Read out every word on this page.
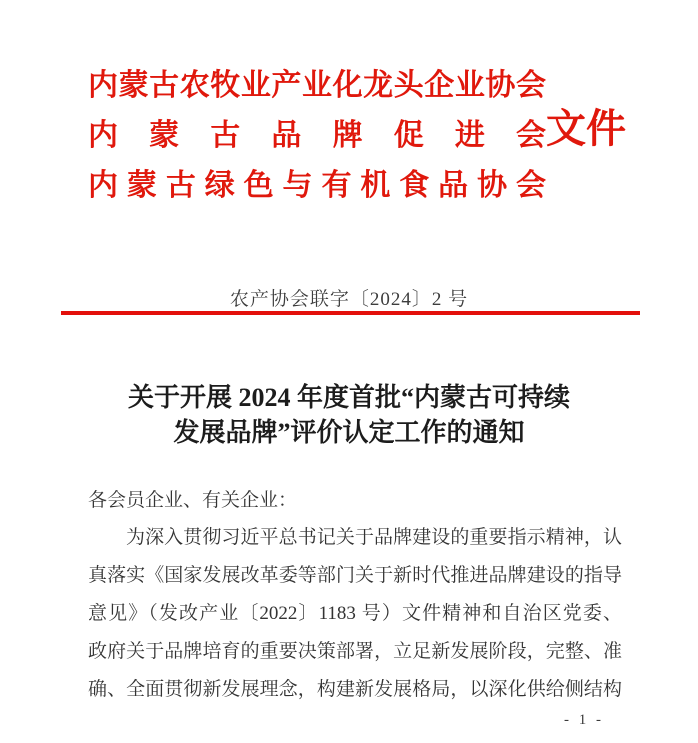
内蒙古农牧业产业化龙头企业协会
内蒙古品牌促进会
内蒙古绿色与有机食品协会
文件
农产协会联字〔2024〕2 号
关于开展 2024 年度首批“内蒙古可持续
发展品牌”评价认定工作的通知
各会员企业、有关企业：
为深入贯彻习近平总书记关于品牌建设的重要指示精神，认
真落实《国家发展改革委等部门关于新时代推进品牌建设的指导
意见》（发改产业〔2022〕1183 号）文件精神和自治区党委、
政府关于品牌培育的重要决策部署，立足新发展阶段，完整、准
确、全面贯彻新发展理念，构建新发展格局，以深化供给侧结构
- 1 -
